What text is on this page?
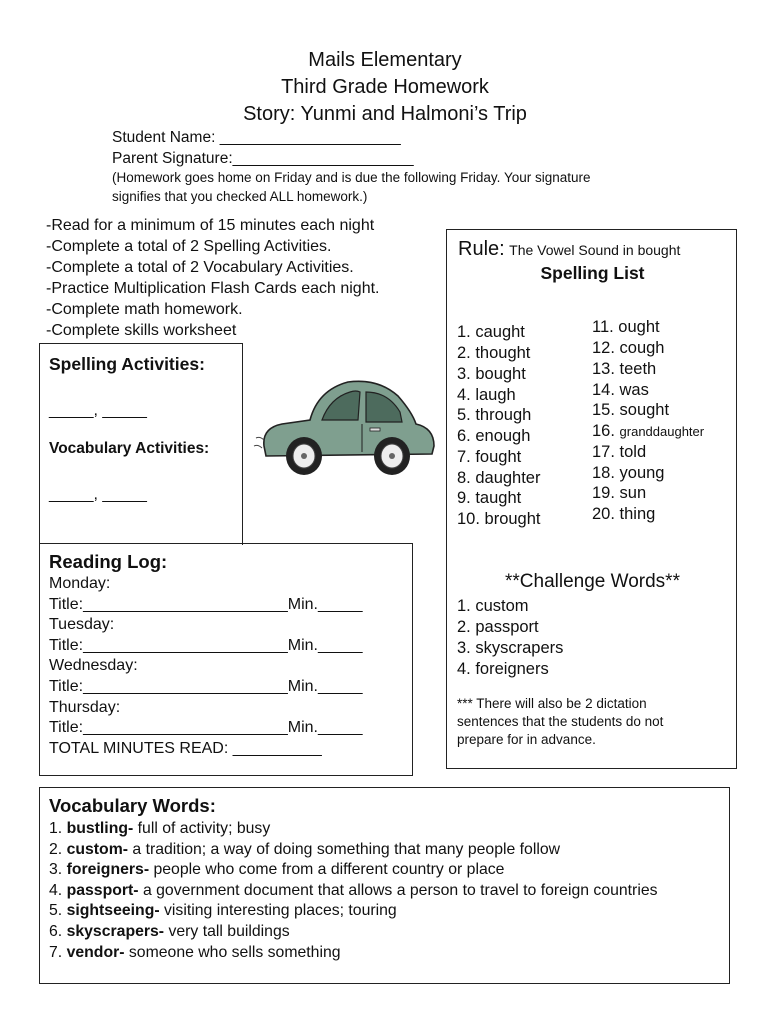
Mails Elementary
Third Grade Homework
Story: Yunmi and Halmoni’s Trip
Student Name: _____________________
Parent Signature:_____________________
(Homework goes home on Friday and is due the following Friday. Your signature
signifies that you checked ALL homework.)
-Read for a minimum of 15 minutes each night
-Complete a total of 2 Spelling Activities.
-Complete a total of 2 Vocabulary Activities.
-Practice Multiplication Flash Cards each night.
-Complete math homework.
-Complete skills worksheet
Spelling Activities:
_____, _____
Vocabulary Activities:
_____, _____
Rule: The Vowel Sound in bought
Spelling List
1. caught
2. thought
3. bought
4. laugh
5. through
6. enough
7. fought
8. daughter
9. taught
10. brought
11. ought
12. cough
13. teeth
14. was
15. sought
16. granddaughter
17. told
18. young
19. sun
20. thing
**Challenge Words**
1. custom
2. passport
3. skyscrapers
4. foreigners
*** There will also be 2 dictation
sentences that the students do not
prepare for in advance.
Reading Log:
Monday:
Title:_______________________Min._____
Tuesday:
Title:_______________________Min._____
Wednesday:
Title:_______________________Min._____
Thursday:
Title:_______________________Min._____
TOTAL MINUTES READ: __________
Vocabulary Words:
1. bustling- full of activity; busy
2. custom- a tradition; a way of doing something that many people follow
3. foreigners- people who come from a different country or place
4. passport- a government document that allows a person to travel to foreign countries
5. sightseeing- visiting interesting places; touring
6. skyscrapers- very tall buildings
7. vendor- someone who sells something
